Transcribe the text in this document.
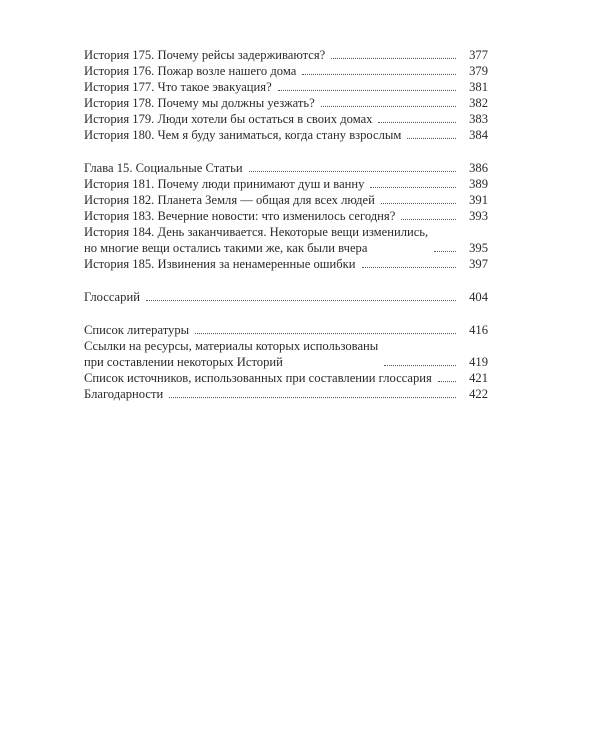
История 175. Почему рейсы задерживаются?	377
История 176. Пожар возле нашего дома	379
История 177. Что такое эвакуация?	381
История 178. Почему мы должны уезжать?	382
История 179. Люди хотели бы остаться в своих домах	383
История 180. Чем я буду заниматься, когда стану взрослым	384
Глава 15. Социальные Статьи	386
История 181. Почему люди принимают душ и ванну	389
История 182. Планета Земля — общая для всех людей	391
История 183. Вечерние новости: что изменилось сегодня?	393
История 184. День заканчивается. Некоторые вещи изменились,
но многие вещи остались такими же, как были вчера	395
История 185. Извинения за ненамеренные ошибки	397
Глоссарий	404
Список литературы	416
Ссылки на ресурсы, материалы которых использованы
при составлении некоторых Историй	419
Список источников, использованных при составлении глоссария	421
Благодарности	422
